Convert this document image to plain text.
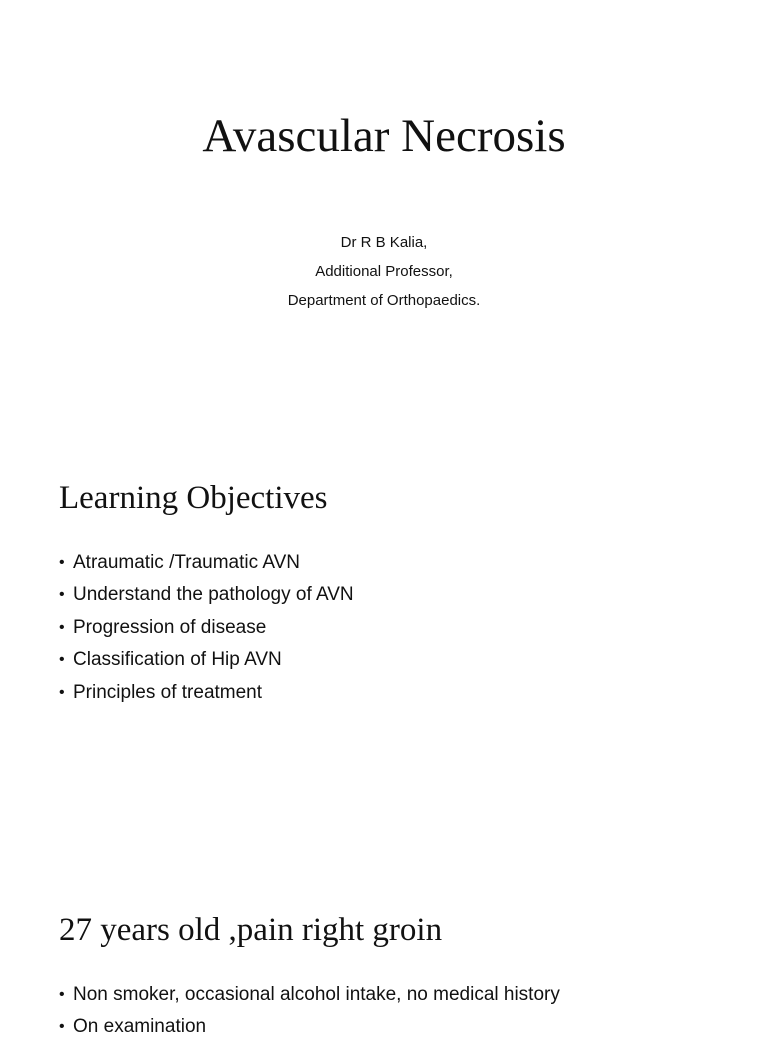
Avascular Necrosis
Dr R B Kalia,
Additional Professor,
Department of Orthopaedics.
Learning Objectives
• Atraumatic /Traumatic AVN
• Understand the pathology of AVN
• Progression of disease
• Classification of Hip AVN
• Principles of treatment
27 years old ,pain right groin
• Non smoker, occasional alcohol intake, no medical history
• On examination
